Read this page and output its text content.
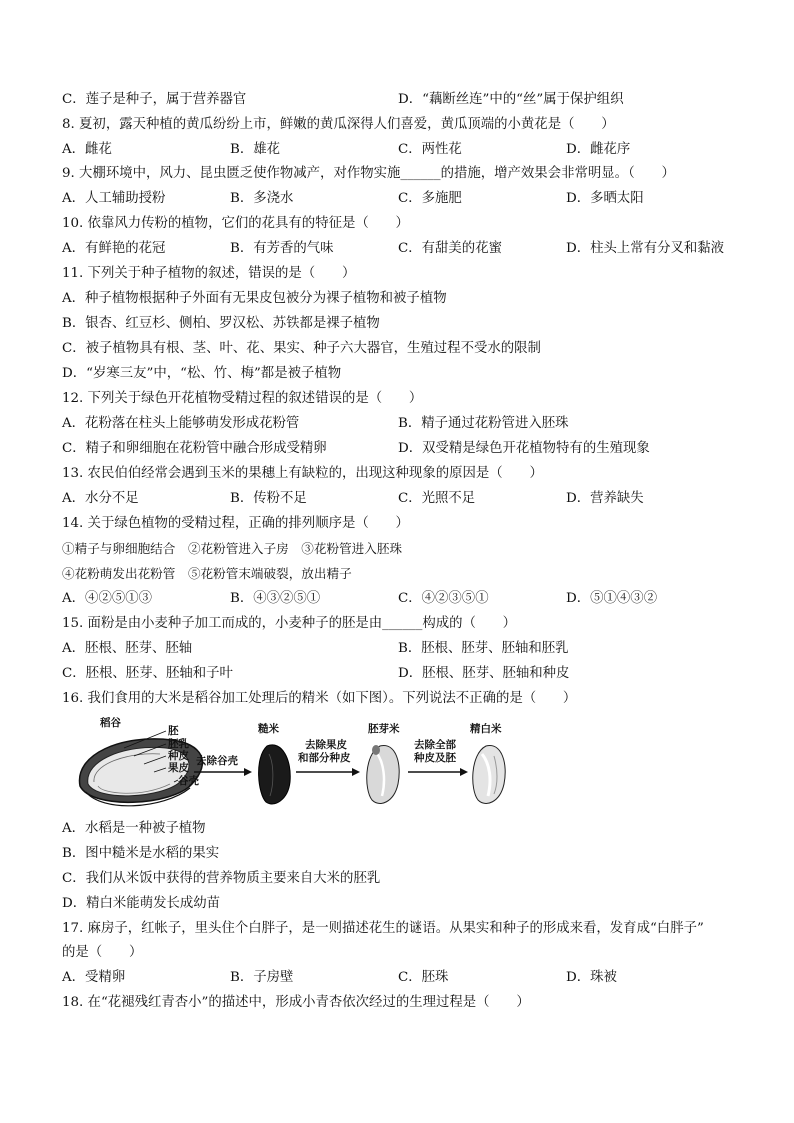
C．莲子是种子，属于营养器官	D．“藕断丝连”中的“丝”属于保护组织
8. 夏初，露天种植的黄瓜纷纷上市，鲜嫩的黄瓜深得人们喜爱，黄瓜顶端的小黄花是（　　）
A．雌花	B．雄花	C．两性花	D．雌花序
9. 大棚环境中，风力、昆虫匮乏使作物减产，对作物实施______的措施，增产效果会非常明显。（　　）
A．人工辅助授粉	B．多浇水	C．多施肥	D．多晒太阳
10. 依靠风力传粉的植物，它们的花具有的特征是（　　）
A．有鲜艳的花冠	B．有芳香的气味	C．有甜美的花蜜	D．柱头上常有分叉和黏液
11. 下列关于种子植物的叙述，错误的是（　　）
A．种子植物根据种子外面有无果皮包被分为裸子植物和被子植物
B．银杏、红豆杉、侧柏、罗汉松、苏铁都是裸子植物
C．被子植物具有根、茎、叶、花、果实、种子六大器官，生殖过程不受水的限制
D．“岁寒三友”中，“松、竹、梅”都是被子植物
12. 下列关于绿色开花植物受精过程的叙述错误的是（　　）
A．花粉落在柱头上能够萌发形成花粉管	B．精子通过花粉管进入胚珠
C．精子和卵细胞在花粉管中融合形成受精卵	D．双受精是绿色开花植物特有的生殖现象
13. 农民伯伯经常会遇到玉米的果穗上有缺粒的，出现这种现象的原因是（　　）
A．水分不足	B．传粉不足	C．光照不足	D．营养缺失
14. 关于绿色植物的受精过程，正确的排列顺序是（　　）
①精子与卵细胞结合　②花粉管进入子房　③花粉管进入胚珠
④花粉萌发出花粉管　⑤花粉管末端破裂，放出精子
A．④②⑤①③	B．④③②⑤①	C．④②③⑤①	D．⑤①④③②
15. 面粉是由小麦种子加工而成的，小麦种子的胚是由______构成的（　　）
A．胚根、胚芽、胚轴	B．胚根、胚芽、胚轴和胚乳
C．胚根、胚芽、胚轴和子叶	D．胚根、胚芽、胚轴和种皮
16. 我们食用的大米是稻谷加工处理后的精米（如下图）。下列说法不正确的是（　　）
A．水稻是一种被子植物
B．图中糙米是水稻的果实
C．我们从米饭中获得的营养物质主要来自大米的胚乳
D．精白米能萌发长成幼苗
17. 麻房子，红帐子，里头住个白胖子，是一则描述花生的谜语。从果实和种子的形成来看，发育成“白胖子”
的是（　　）
A．受精卵	B．子房壁	C．胚珠	D．珠被
18. 在“花褪残红青杏小”的描述中，形成小青杏依次经过的生理过程是（　　）
稻谷
胚
胚乳
种皮
果皮
谷壳
去除谷壳
糙米
去除果皮
和部分种皮
胚芽米
去除全部
种皮及胚
精白米
